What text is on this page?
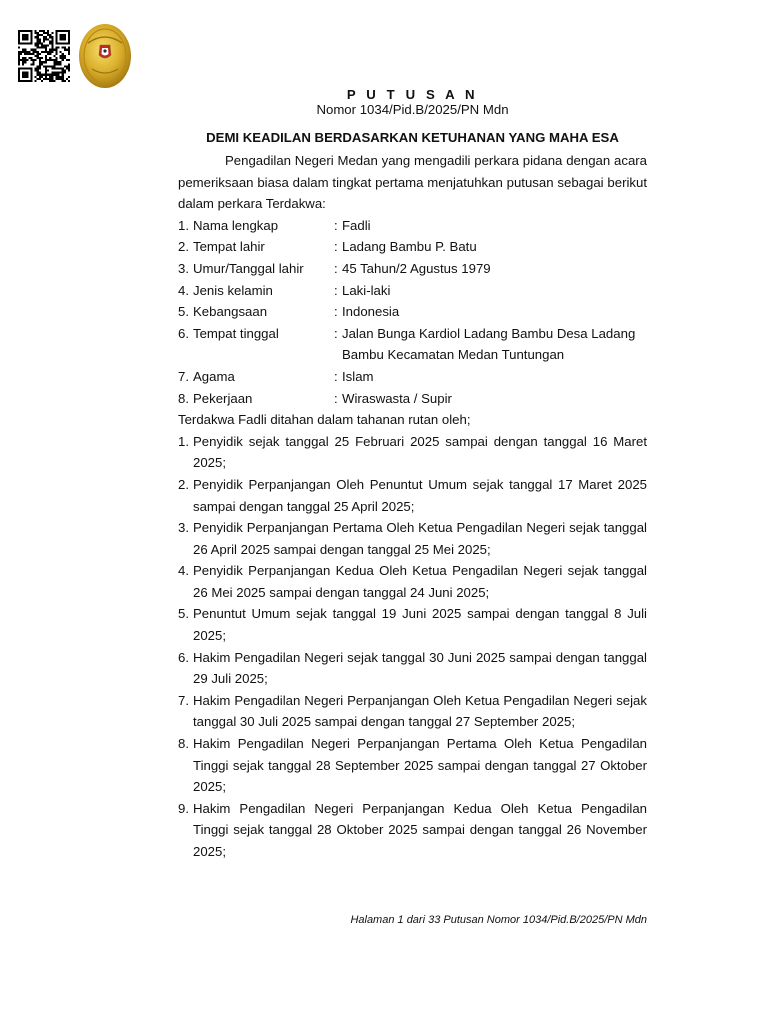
P U T U S A N
Nomor 1034/Pid.B/2025/PN Mdn
DEMI KEADILAN BERDASARKAN KETUHANAN YANG MAHA ESA

Pengadilan Negeri Medan yang mengadili perkara pidana dengan acara pemeriksaan biasa dalam tingkat pertama menjatuhkan putusan sebagai berikut dalam perkara Terdakwa:

1. Nama lengkap	: Fadli
2. Tempat lahir	: Ladang Bambu P. Batu
3. Umur/Tanggal lahir	: 45 Tahun/2 Agustus 1979
4. Jenis kelamin	: Laki-laki
5. Kebangsaan	: Indonesia
6. Tempat tinggal	: Jalan Bunga Kardiol Ladang Bambu Desa Ladang Bambu Kecamatan Medan Tuntungan
7. Agama	: Islam
8. Pekerjaan	: Wiraswasta / Supir

Terdakwa Fadli ditahan dalam tahanan rutan oleh;

1. Penyidik sejak tanggal 25 Februari 2025 sampai dengan tanggal 16 Maret 2025;
2. Penyidik Perpanjangan Oleh Penuntut Umum sejak tanggal 17 Maret 2025 sampai dengan tanggal 25 April 2025;
3. Penyidik Perpanjangan Pertama Oleh Ketua Pengadilan Negeri sejak tanggal 26 April 2025 sampai dengan tanggal 25 Mei 2025;
4. Penyidik Perpanjangan Kedua Oleh Ketua Pengadilan Negeri sejak tanggal 26 Mei 2025 sampai dengan tanggal 24 Juni 2025;
5. Penuntut Umum sejak tanggal 19 Juni 2025 sampai dengan tanggal 8 Juli 2025;
6. Hakim Pengadilan Negeri sejak tanggal 30 Juni 2025 sampai dengan tanggal 29 Juli 2025;
7. Hakim Pengadilan Negeri Perpanjangan Oleh Ketua Pengadilan Negeri sejak tanggal 30 Juli 2025 sampai dengan tanggal 27 September 2025;
8. Hakim Pengadilan Negeri Perpanjangan Pertama Oleh Ketua Pengadilan Tinggi sejak tanggal 28 September 2025 sampai dengan tanggal 27 Oktober 2025;
9. Hakim Pengadilan Negeri Perpanjangan Kedua Oleh Ketua Pengadilan Tinggi sejak tanggal 28 Oktober 2025 sampai dengan tanggal 26 November 2025;
Halaman 1 dari 33 Putusan Nomor 1034/Pid.B/2025/PN Mdn
